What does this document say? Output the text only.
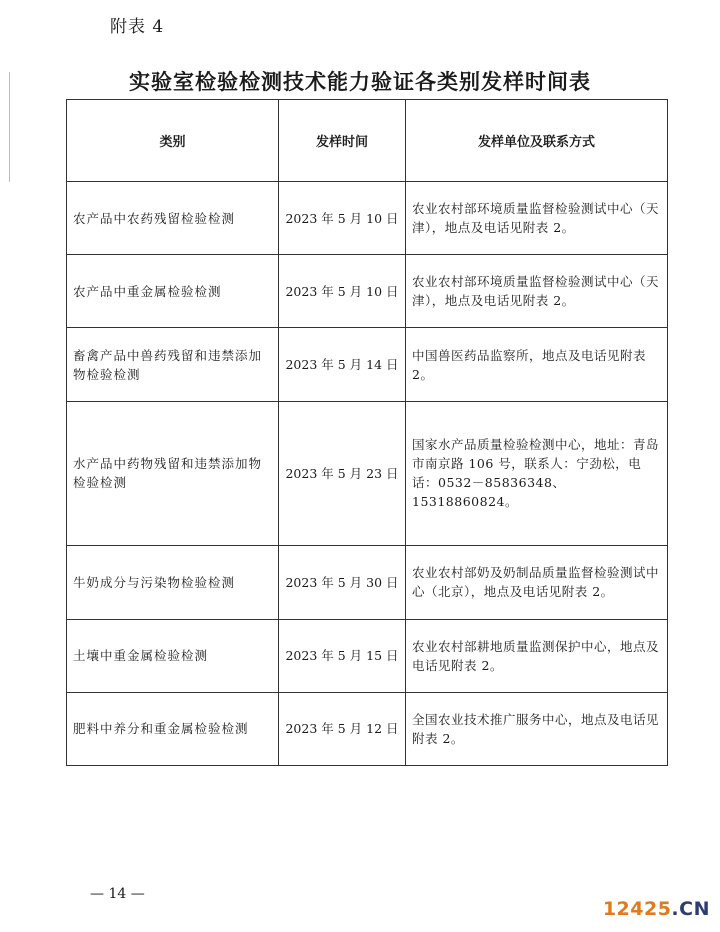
附表 4
实验室检验检测技术能力验证各类别发样时间表
类别	发样时间	发样单位及联系方式
农产品中农药残留检验检测	2023 年 5 月 10 日	农业农村部环境质量监督检验测试中心（天津），地点及电话见附表 2。
农产品中重金属检验检测	2023 年 5 月 10 日	农业农村部环境质量监督检验测试中心（天津），地点及电话见附表 2。
畜禽产品中兽药残留和违禁添加物检验检测	2023 年 5 月 14 日	中国兽医药品监察所，地点及电话见附表 2。
水产品中药物残留和违禁添加物检验检测	2023 年 5 月 23 日	国家水产品质量检验检测中心，地址：青岛市南京路 106 号，联系人：宁劲松，电话：0532－85836348、15318860824。
牛奶成分与污染物检验检测	2023 年 5 月 30 日	农业农村部奶及奶制品质量监督检验测试中心（北京），地点及电话见附表 2。
土壤中重金属检验检测	2023 年 5 月 15 日	农业农村部耕地质量监测保护中心，地点及电话见附表 2。
肥料中养分和重金属检验检测	2023 年 5 月 12 日	全国农业技术推广服务中心，地点及电话见附表 2。
— 14 —
12425.CN
